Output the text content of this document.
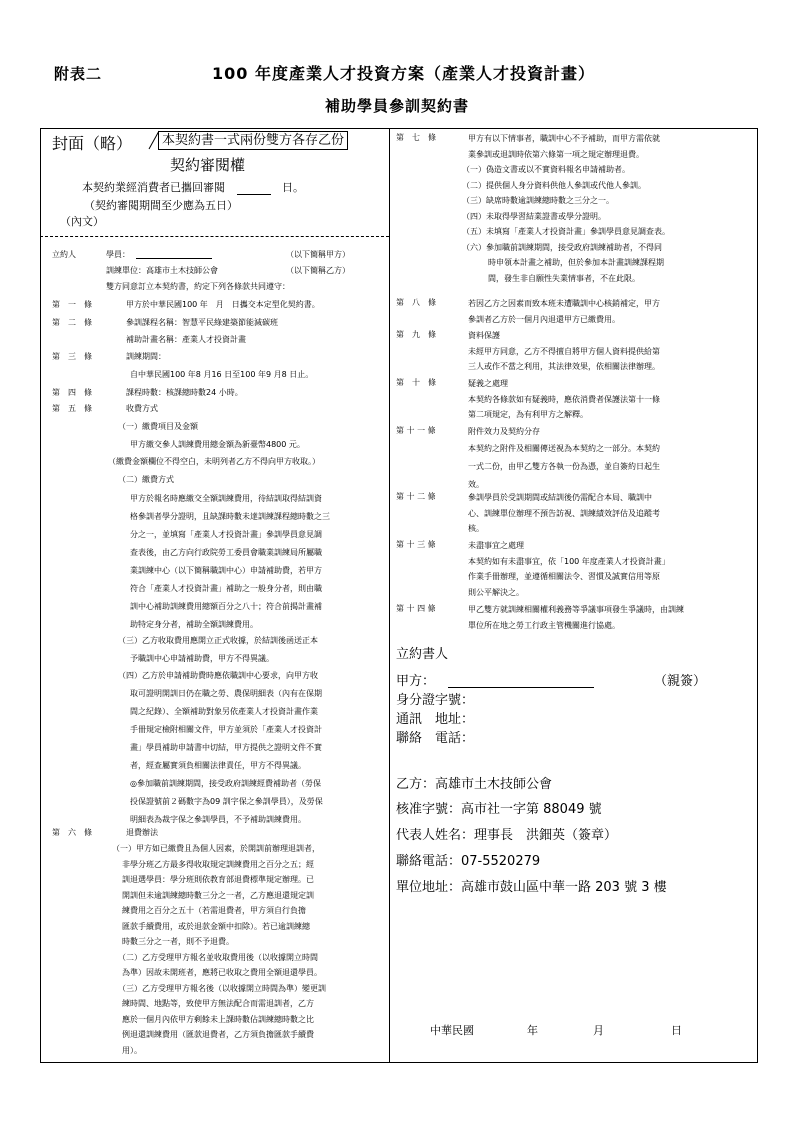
附表二	100 年度產業人才投資方案（產業人才投資計畫）
補助學員參訓契約書
封面（略）	本契約書一式兩份雙方各存乙份
契約審閱權
本契約業經消費者已攜回審閱	日。
（契約審閱期間至少應為五日）
（內文）
立約人	學員：	（以下簡稱甲方）
訓練單位：高雄市土木技師公會	（以下簡稱乙方）
雙方同意訂立本契約書，約定下列各條款共同遵守：
第　一　條	甲方於中華民國100 年　月　日攜交本定型化契約書。
第　二　條	參訓課程名稱：智慧平民綠建築節能減碳班
補助計畫名稱：產業人才投資計畫
第　三　條	訓練期間：
自中華民國100 年8 月16 日至100 年9 月8 日止。
第　四　條	課程時數：核課總時數24 小時。
第　五　條	收費方式
（一）繳費項目及金額
甲方繳交參人訓練費用總金額為新臺幣4800 元。
（繳費金額欄位不得空白，未明列者乙方不得向甲方收取。）
（二）繳費方式
甲方於報名時應繳交全額訓練費用，待結訓取得結訓資
格參訓者學分證明，且缺課時數未達訓練課程總時數之三
分之一，並填寫「產業人才投資計畫」參訓學員意見調
查表後，由乙方向行政院勞工委員會職業訓練局所屬職
業訓練中心（以下簡稱職訓中心）申請補助費，若甲方
符合「產業人才投資計畫」補助之一般身分者，則由職
訓中心補助訓練費用總額百分之八十；符合前揭計畫補
助特定身分者，補助全額訓練費用。
（三）乙方收取費用應開立正式收據，於結訓後函送正本
予職訓中心申請補助費，甲方不得異議。
（四）乙方於申請補助費時應依職訓中心要求，向甲方收
取可證明開訓日仍在職之勞、農保明細表（內有在保期
間之紀錄）、全額補助對象另依產業人才投資計畫作業
手冊規定檢附相關文件，甲方並須於「產業人才投資計
畫」學員補助申請書中切結，甲方提供之證明文件不實
者，經查屬實須負相關法律責任，甲方不得異議。
◎參加職前訓練期間，接受政府訓練經費補助者（勞保
投保證號前２碼數字為09 訓字保之參訓學員），及勞保
明細表為裁字保之參訓學員，不予補助訓練費用。
第　六　條	退費辦法
（一）甲方如已繳費且為個人因素，於開訓前辦理退訓者，
非學分班乙方最多得收取規定訓練費用之百分之五；經
訓退選學員：學分班則依教育部退費標準規定辦理。已
開訓但未逾訓練總時數三分之一者，乙方應退還規定訓
練費用之百分之五十（若需退費者，甲方須自行負擔
匯款手續費用，或於退款金額中扣除）。若已逾訓練總
時數三分之一者，則不予退費。
（二）乙方受理甲方報名並收取費用後（以收據開立時間
為準）因故未開班者，應將已收取之費用全額退還學員。
（三）乙方受理甲方報名後（以收據開立時間為準）變更訓
練時間、地點等，致使甲方無法配合而需退訓者，乙方
應於一個月內依甲方剩餘未上課時數佔訓練總時數之比
例退還訓練費用（匯款退費者，乙方須負擔匯款手續費
用）。
第　七　條	甲方有以下情事者，職訓中心不予補助，而甲方需依就
業參訓或退訓時依第六條第一項之規定辦理退費。
（一）偽造文書或以不實資料報名申請補助者。
（二）提供個人身分資料供他人參訓或代他人參訓。
（三）缺席時數逾訓練總時數之三分之一。
（四）未取得學習結業證書或學分證明。
（五）未填寫「產業人才投資計畫」參訓學員意見調查表。
（六）參加職前訓練期間，接受政府訓練補助者，不得同
時申領本計畫之補助，但於參加本計畫訓練課程期
間，發生非自願性失業情事者，不在此限。
第　八　條	若因乙方之因素而致本班未遭職訓中心核銷補定，甲方
參訓者乙方於一個月內退還甲方已繳費用。
第　九　條	資料保護
未經甲方同意，乙方不得擅自將甲方個人資料提供給第
三人或作不當之利用，其法律效果，依相關法律辦理。
第　十　條	疑義之處理
本契約各條款如有疑義時，應依消費者保護法第十一條
第二項規定，為有利甲方之解釋。
第 十 一 條	附件效力及契約分存
本契約之附件及相關傳送視為本契約之一部分。本契約
一式二份，由甲乙雙方各執一份為憑，並自簽約日起生
效。
第 十 二 條	參訓學員於受訓期間或結訓後仍需配合本局、職訓中
心、訓練單位辦理不預告訪視、訓練績效評估及追蹤考
核。
第 十 三 條	未盡事宜之處理
本契約如有未盡事宜，依「100 年度產業人才投資計畫」
作業手冊辦理，並遵循相關法令、習慣及誠實信用等原
則公平解決之。
第 十 四 條	甲乙雙方就訓練相關權利義務等爭議事項發生爭議時，由訓練
單位所在地之勞工行政主管機關進行協處。
立約書人
甲方：	（親簽）
身分證字號：
通訊　地址：
聯絡　電話：
乙方：高雄市土木技師公會
核准字號：高市社一字第 88049 號
代表人姓名：理事長　洪鈿英（簽章）
聯絡電話：07-5520279
單位地址：高雄市鼓山區中華一路 203 號 3 樓
中華民國	年	月	日
